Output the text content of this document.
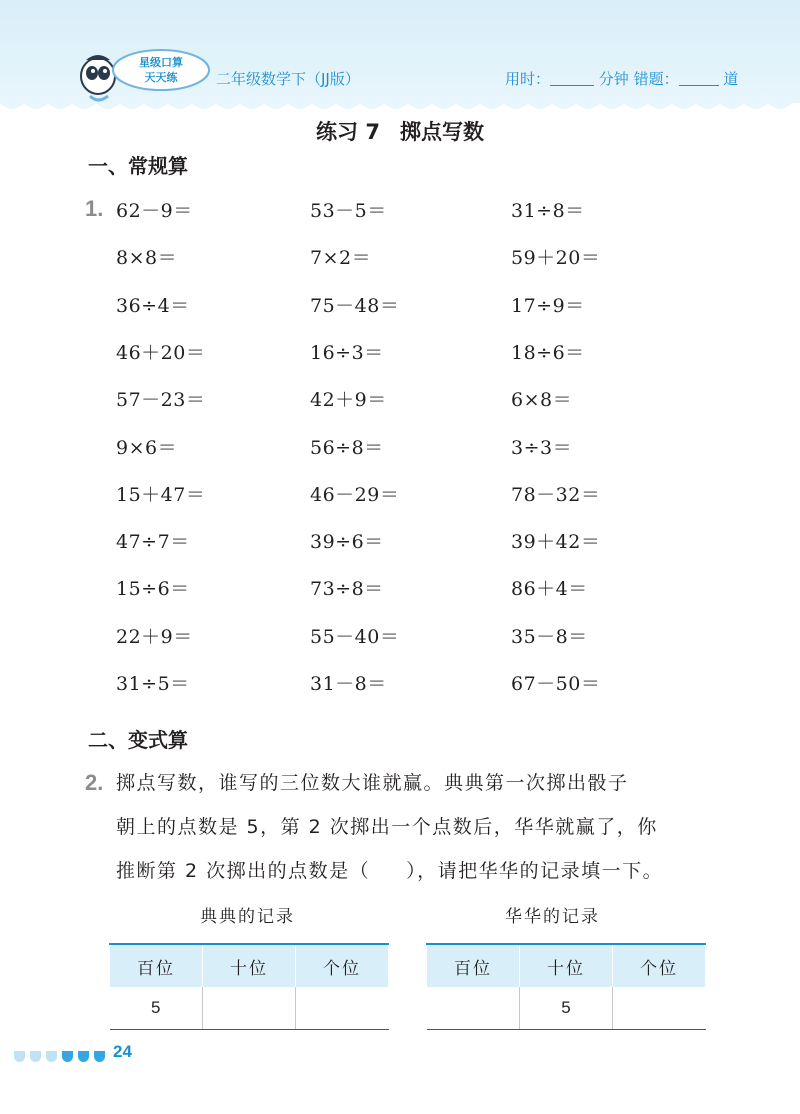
星级口算
天天练	二年级数学下（JJ版）	用时：	分钟 错题：	道
练习 7 掷点写数
一、常规算
1. 62－9＝	53－5＝	31÷8＝
8×8＝	7×2＝	59＋20＝
36÷4＝	75－48＝	17÷9＝
46＋20＝	16÷3＝	18÷6＝
57－23＝	42＋9＝	6×8＝
9×6＝	56÷8＝	3÷3＝
15＋47＝	46－29＝	78－32＝
47÷7＝	39÷6＝	39＋42＝
15÷6＝	73÷8＝	86＋4＝
22＋9＝	55－40＝	35－8＝
31÷5＝	31－8＝	67－50＝
二、变式算
2. 掷点写数，谁写的三位数大谁就赢。典典第一次掷出骰子
朝上的点数是 5，第 2 次掷出一个点数后，华华就赢了，你
推断第 2 次掷出的点数是（ ），请把华华的记录填一下。
典典的记录	华华的记录
百位	十位	个位
5		
百位	十位	个位
	5	
24
